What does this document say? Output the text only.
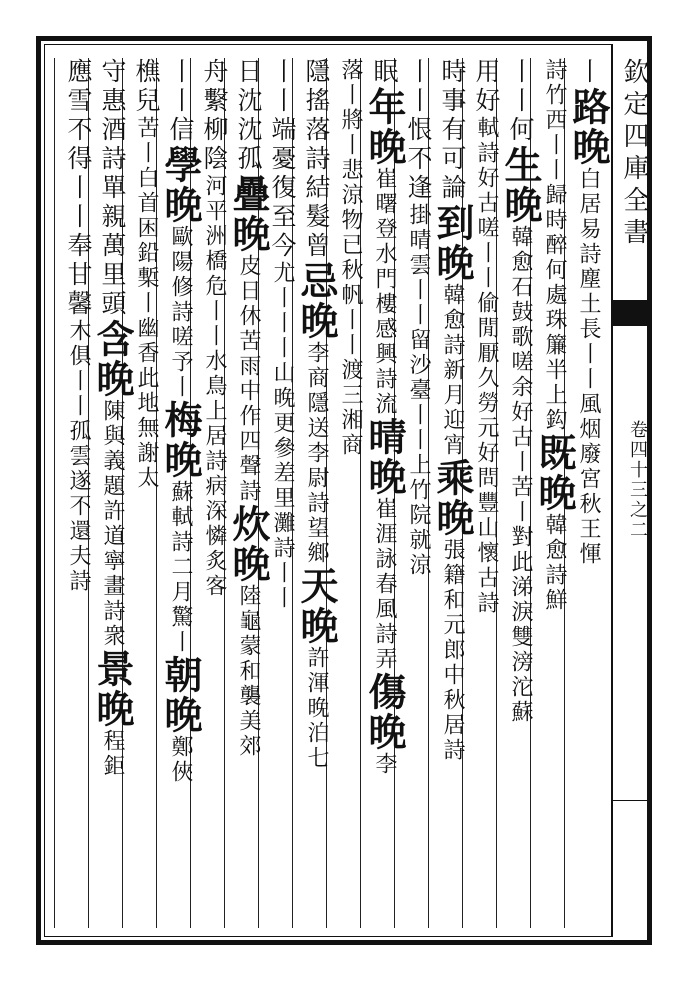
欽定四庫全書
卷四十三之二
丨路晚白居易詩塵土長丨丨風烟廢宮秋王惲
詩竹西丨丨歸時醉何處珠簾半上鈎既晚韓愈詩鮮
丨丨何生晚韓愈石鼓歌嗟余好古丨苦丨對此涕淚雙滂沱蘇
用好軾詩好古嗟丨丨偷閒厭久勞元好問豐山懷古詩
時事有可論到晚韓愈詩新月迎宵乘晚張籍和元郎中秋居詩
丨丨恨不逢掛晴雲丨丨留沙臺丨丨上竹院就涼
眠年晚崔曙登水門樓感興詩流晴晚崔涯詠春風詩弄傷晚李
落丨將丨悲涼物已秋帆丨丨渡三湘商
隱搖落詩結髮曾忌晚李商隱送李尉詩望鄉天晚許渾晚泊七
丨丨端憂復至今尤丨丨丨山晚更參差里灘詩丨丨
日沈沈孤疊晚皮日休苦雨中作四聲詩炊晚陸龜蒙和襲美郊
舟繫柳陰河平洲橋危丨丨水鳥上居詩病深憐炙客
丨丨信學晚歐陽修詩嗟予丨梅晚蘇軾詩二月驚丨朝晚鄭俠
樵兒苦丨白首困鉛槧丨幽香此地無謝太
守惠酒詩單親萬里頭含晚陳與義題許道寧畫詩衆景晚程鉅
應雪不得丨丨奉甘馨木俱丨丨孤雲遂不還夫詩
